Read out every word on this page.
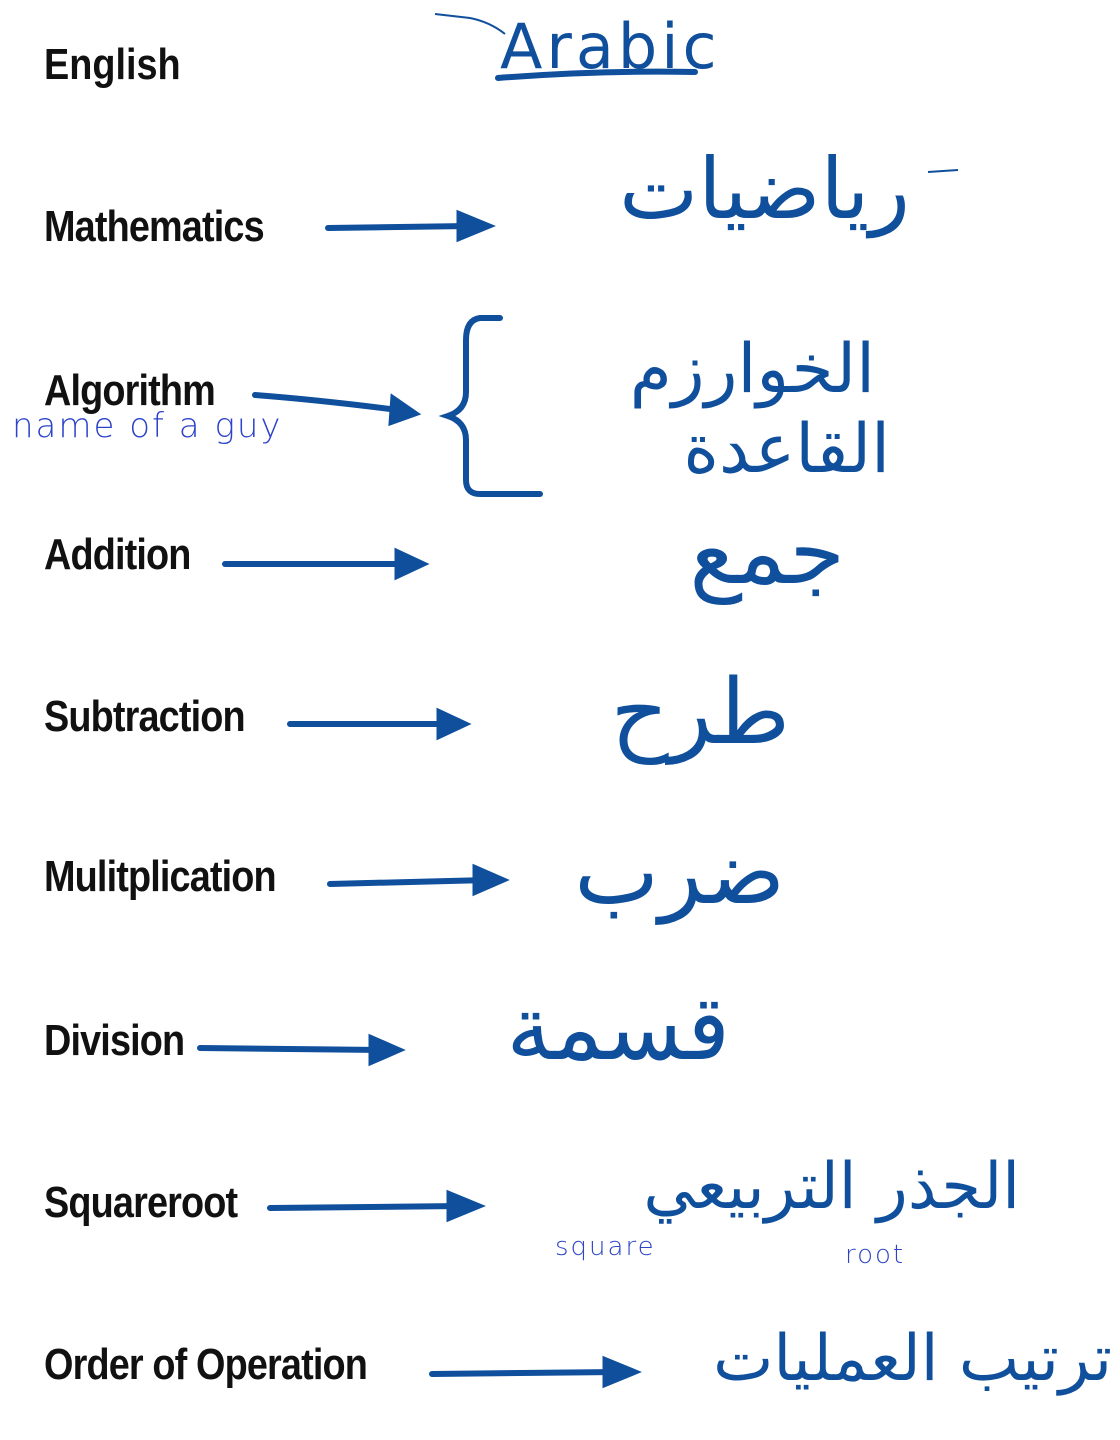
English	Arabic
Mathematics
Algorithm
Addition
Subtraction
Mulitplication
Division
Squareroot
Order of Operation
name of a guy
square	root
رياضيات
الخوارزم
القاعدة
جمع
طرح
ضرب
قسمة
الجذر التربيعي
ترتيب العمليات
